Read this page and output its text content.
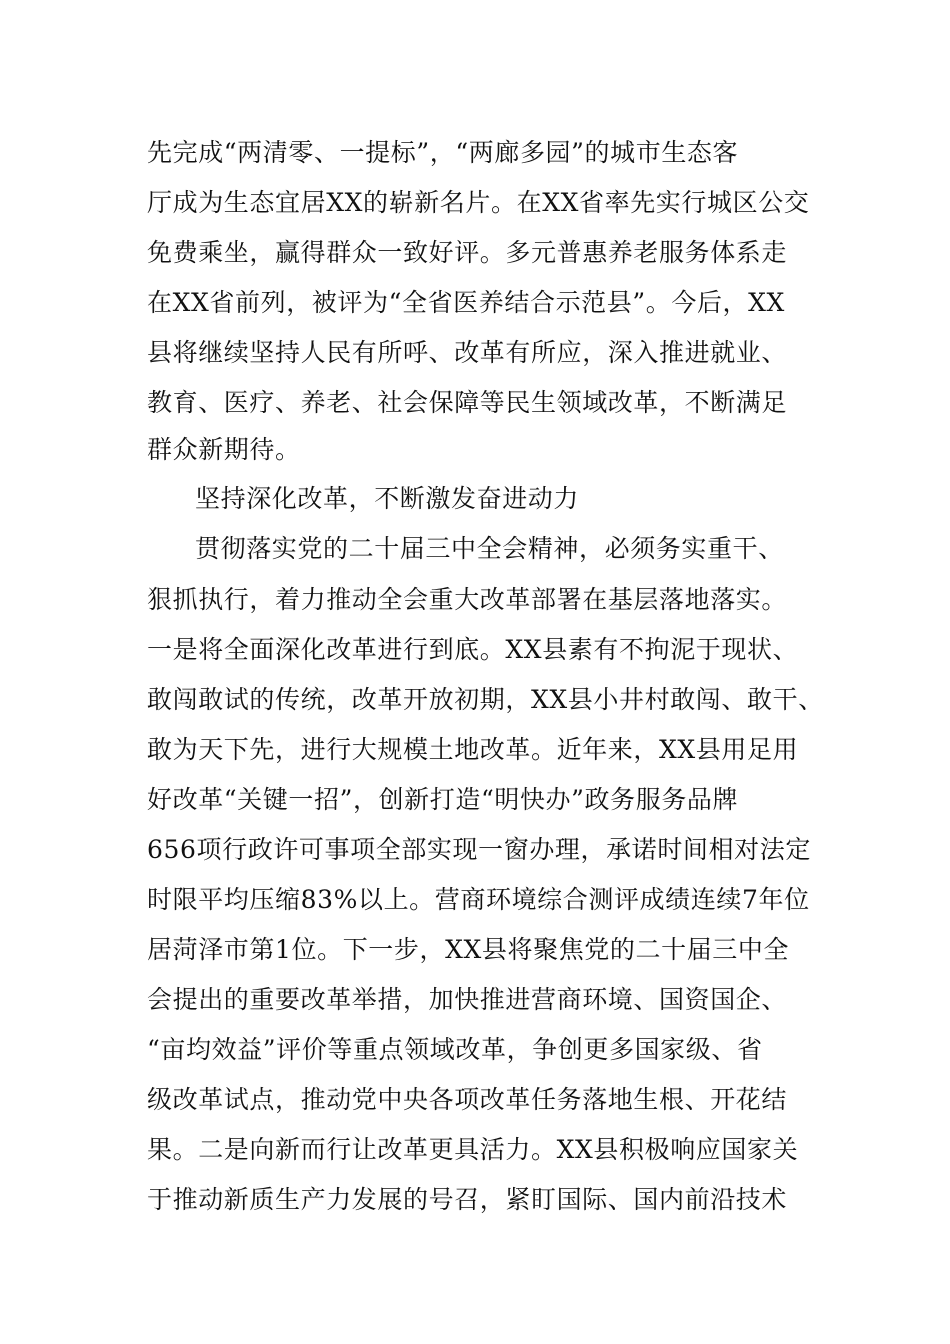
先完成“两清零、一提标”，“两廊多园”的城市生态客
厅成为生态宜居XX的崭新名片。在XX省率先实行城区公交
免费乘坐，赢得群众一致好评。多元普惠养老服务体系走
在XX省前列，被评为“全省医养结合示范县”。今后，XX
县将继续坚持人民有所呼、改革有所应，深入推进就业、
教育、医疗、养老、社会保障等民生领域改革，不断满足
群众新期待。
坚持深化改革，不断激发奋进动力
贯彻落实党的二十届三中全会精神，必须务实重干、
狠抓执行，着力推动全会重大改革部署在基层落地落实。
一是将全面深化改革进行到底。XX县素有不拘泥于现状、
敢闯敢试的传统，改革开放初期，XX县小井村敢闯、敢干、
敢为天下先，进行大规模土地改革。近年来，XX县用足用
好改革“关键一招”，创新打造“明快办”政务服务品牌
656项行政许可事项全部实现一窗办理，承诺时间相对法定
时限平均压缩83%以上。营商环境综合测评成绩连续7年位
居菏泽市第1位。下一步，XX县将聚焦党的二十届三中全
会提出的重要改革举措，加快推进营商环境、国资国企、
“亩均效益”评价等重点领域改革，争创更多国家级、省
级改革试点，推动党中央各项改革任务落地生根、开花结
果。二是向新而行让改革更具活力。XX县积极响应国家关
于推动新质生产力发展的号召，紧盯国际、国内前沿技术
